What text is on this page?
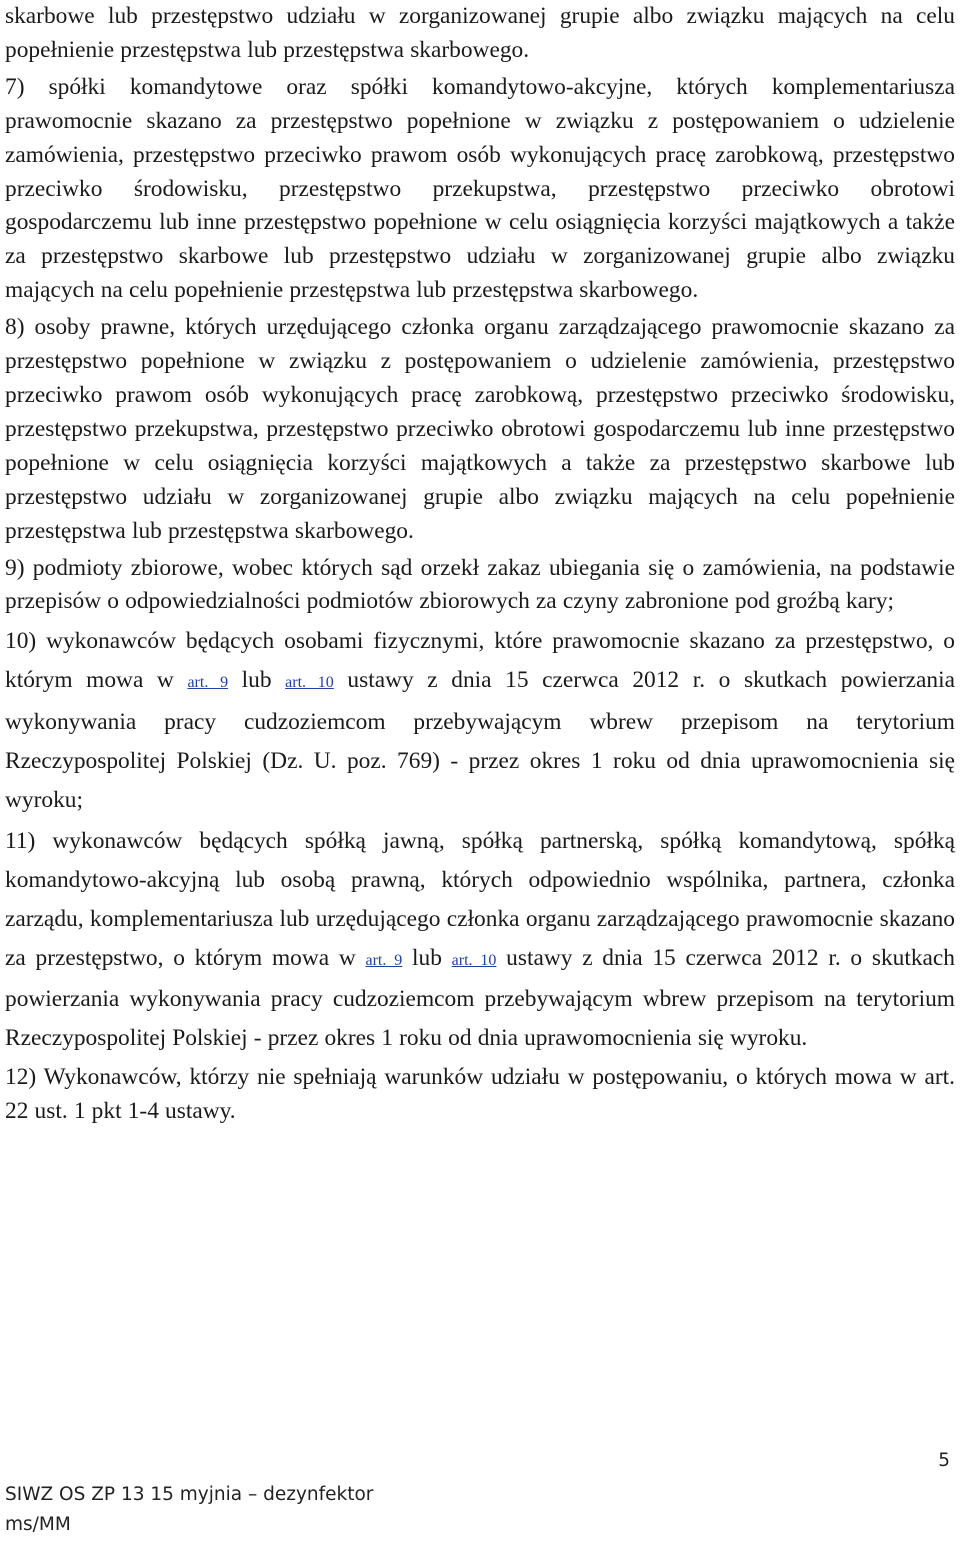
skarbowe lub przestępstwo udziału w zorganizowanej grupie albo związku mających na celu popełnienie przestępstwa lub przestępstwa skarbowego.

7) spółki komandytowe oraz spółki komandytowo-akcyjne, których komplementariusza prawomocnie skazano za przestępstwo popełnione w związku z postępowaniem o udzielenie zamówienia, przestępstwo przeciwko prawom osób wykonujących pracę zarobkową, przestępstwo przeciwko środowisku, przestępstwo przekupstwa, przestępstwo przeciwko obrotowi gospodarczemu lub inne przestępstwo popełnione w celu osiągnięcia korzyści majątkowych a także za przestępstwo skarbowe lub przestępstwo udziału w zorganizowanej grupie albo związku mających na celu popełnienie przestępstwa lub przestępstwa skarbowego.

8) osoby prawne, których urzędującego członka organu zarządzającego prawomocnie skazano za przestępstwo popełnione w związku z postępowaniem o udzielenie zamówienia, przestępstwo przeciwko prawom osób wykonujących pracę zarobkową, przestępstwo przeciwko środowisku, przestępstwo przekupstwa, przestępstwo przeciwko obrotowi gospodarczemu lub inne przestępstwo popełnione w celu osiągnięcia korzyści majątkowych a także za przestępstwo skarbowe lub przestępstwo udziału w zorganizowanej grupie albo związku mających na celu popełnienie przestępstwa lub przestępstwa skarbowego.

9) podmioty zbiorowe, wobec których sąd orzekł zakaz ubiegania się o zamówienia, na podstawie przepisów o odpowiedzialności podmiotów zbiorowych za czyny zabronione pod groźbą kary;

10) wykonawców będących osobami fizycznymi, które prawomocnie skazano za przestępstwo, o którym mowa w art. 9 lub art. 10 ustawy z dnia 15 czerwca 2012 r. o skutkach powierzania wykonywania pracy cudzoziemcom przebywającym wbrew przepisom na terytorium Rzeczypospolitej Polskiej (Dz. U. poz. 769) - przez okres 1 roku od dnia uprawomocnienia się wyroku;

11) wykonawców będących spółką jawną, spółką partnerską, spółką komandytową, spółką komandytowo-akcyjną lub osobą prawną, których odpowiednio wspólnika, partnera, członka zarządu, komplementariusza lub urzędującego członka organu zarządzającego prawomocnie skazano za przestępstwo, o którym mowa w art. 9 lub art. 10 ustawy z dnia 15 czerwca 2012 r. o skutkach powierzania wykonywania pracy cudzoziemcom przebywającym wbrew przepisom na terytorium Rzeczypospolitej Polskiej - przez okres 1 roku od dnia uprawomocnienia się wyroku.

12) Wykonawców, którzy nie spełniają warunków udziału w postępowaniu, o których mowa w art. 22 ust. 1 pkt 1-4 ustawy.

5
SIWZ OS ZP 13 15 myjnia – dezynfektor
ms/MM
